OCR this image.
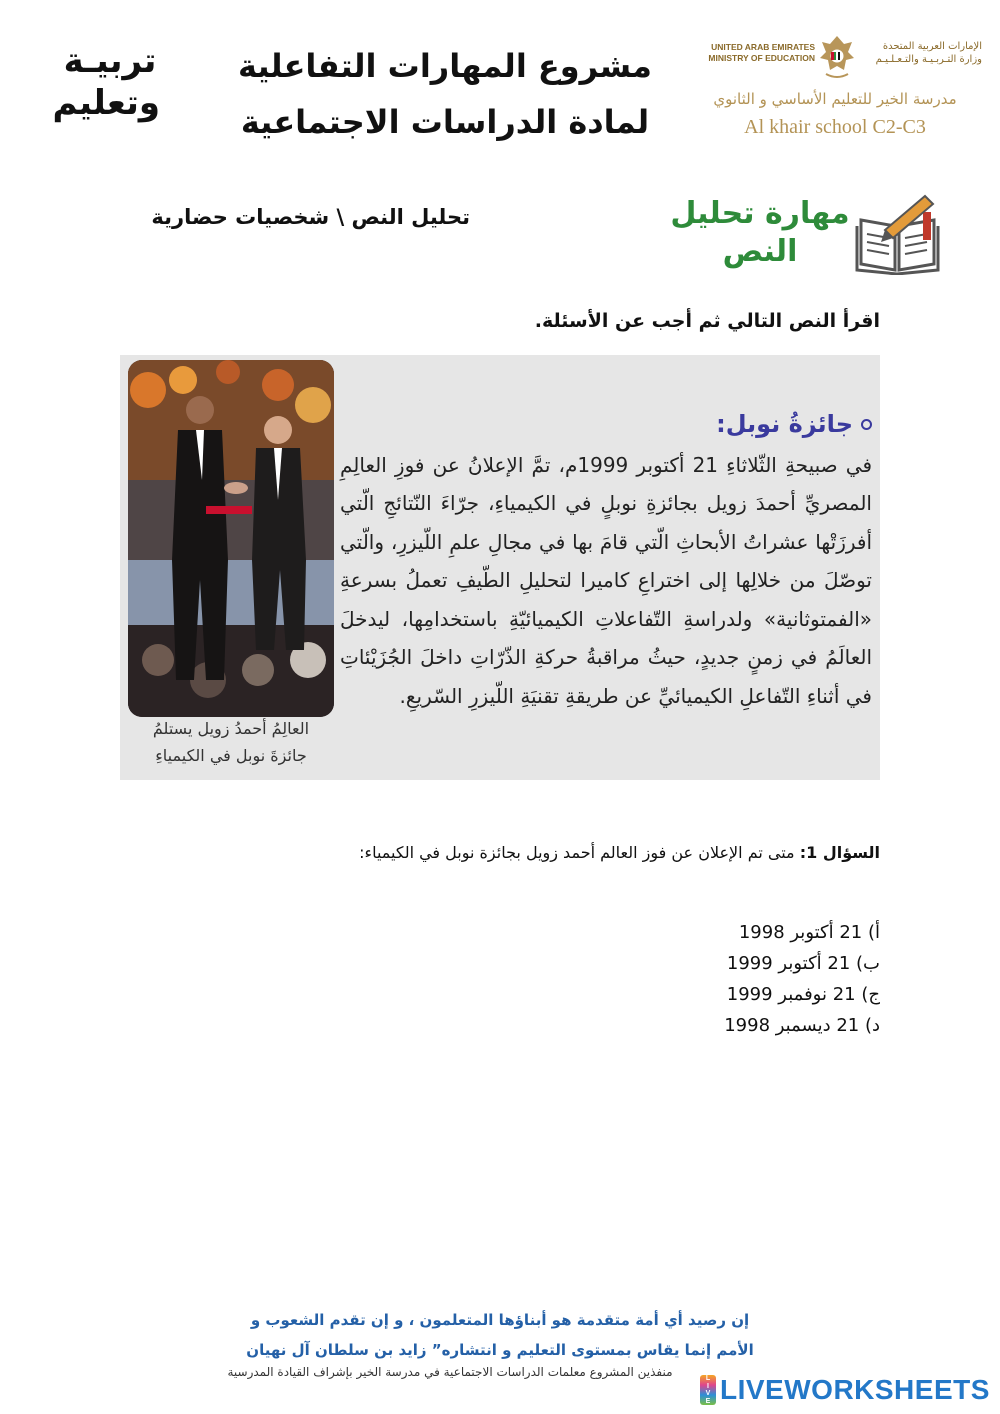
تربيـة
وتعليم
مشروع المهارات التفاعلية
لمادة الدراسات الاجتماعية
UNITED ARAB EMIRATES
MINISTRY OF EDUCATION
الإمارات العربية المتحدة
وزارة التـربـيـة والتـعـلـيـم
مدرسة الخير للتعليم الأساسي و الثانوي
Al khair school C2-C3
مهارة تحليل
النص
تحليل النص \ شخصيات حضارية
اقرأ النص التالي ثم أجب عن الأسئلة.
العالِمُ أحمدُ زويل يستلمُ
جائزةَ نوبل في الكيمياءِ
جائزةُ نوبل:
في صبيحةِ الثّلاثاءِ 21 أكتوبر 1999م، تمَّ الإعلانُ عن فوزِ العالِمِ المصريِّ أحمدَ زويل بجائزةِ نوبلٍ في الكيمياءِ، جرّاءَ النّتائجِ الّتي أفرزَتْها عشراتُ الأبحاثِ الّتي قامَ بها في مجالِ علمِ اللّيزرِ، والّتي توصّلَ من خلالِها إلى اختراعِ كاميرا لتحليلِ الطّيفِ تعملُ بسرعةِ «الفمتوثانية» ولدراسةِ التّفاعلاتِ الكيميائيّةِ باستخدامِها، ليدخلَ العالَمُ في زمنٍ جديدٍ، حيثُ مراقبةُ حركةِ الذّرّاتِ داخلَ الجُزَيْئاتِ في أثناءِ التّفاعلِ الكيميائيِّ عن طريقةِ تقنيَةِ اللّيزرِ السّريعِ.
السؤال 1: متى تم الإعلان عن فوز العالم أحمد زويل بجائزة نوبل في الكيمياء:
أ) 21 أكتوبر 1998
ب) 21 أكتوبر 1999
ج) 21 نوفمبر 1999
د) 21 ديسمبر 1998
إن رصيد أي أمة متقدمة هو أبناؤها المتعلمون ، و إن تقدم الشعوب و
الأمم إنما يقاس بمستوى التعليم و انتشاره” زايد بن سلطان آل نهيان
منفذين المشروع معلمات الدراسات الاجتماعية في مدرسة الخير بإشراف القيادة المدرسية	L
I
V
E LIVEWORKSHEETS
